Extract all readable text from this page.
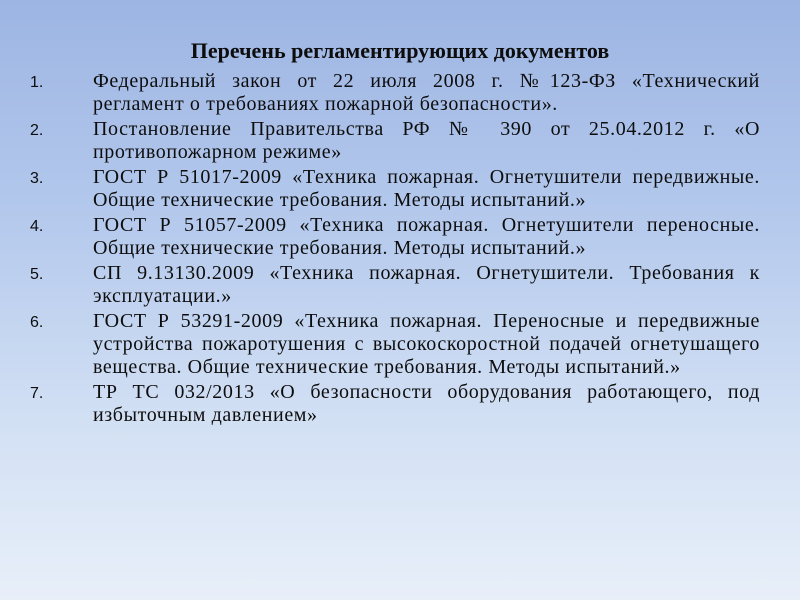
Перечень регламентирующих документов
1. Федеральный закон от 22 июля 2008 г. №123-ФЗ «Технический регламент о требованиях пожарной безопасности».
2. Постановление Правительства РФ № 390 от 25.04.2012 г. «О противопожарном режиме»
3. ГОСТ Р 51017-2009 «Техника пожарная. Огнетушители передвижные. Общие технические требования. Методы испытаний.»
4. ГОСТ Р 51057-2009 «Техника пожарная. Огнетушители переносные. Общие технические требования. Методы испытаний.»
5. СП 9.13130.2009 «Техника пожарная. Огнетушители. Требования к эксплуатации.»
6. ГОСТ Р 53291-2009 «Техника пожарная. Переносные и передвижные устройства пожаротушения с высокоскоростной подачей огнетушащего вещества. Общие технические требования. Методы испытаний.»
7. ТР ТС 032/2013 «О безопасности оборудования работающего, под избыточным давлением»
